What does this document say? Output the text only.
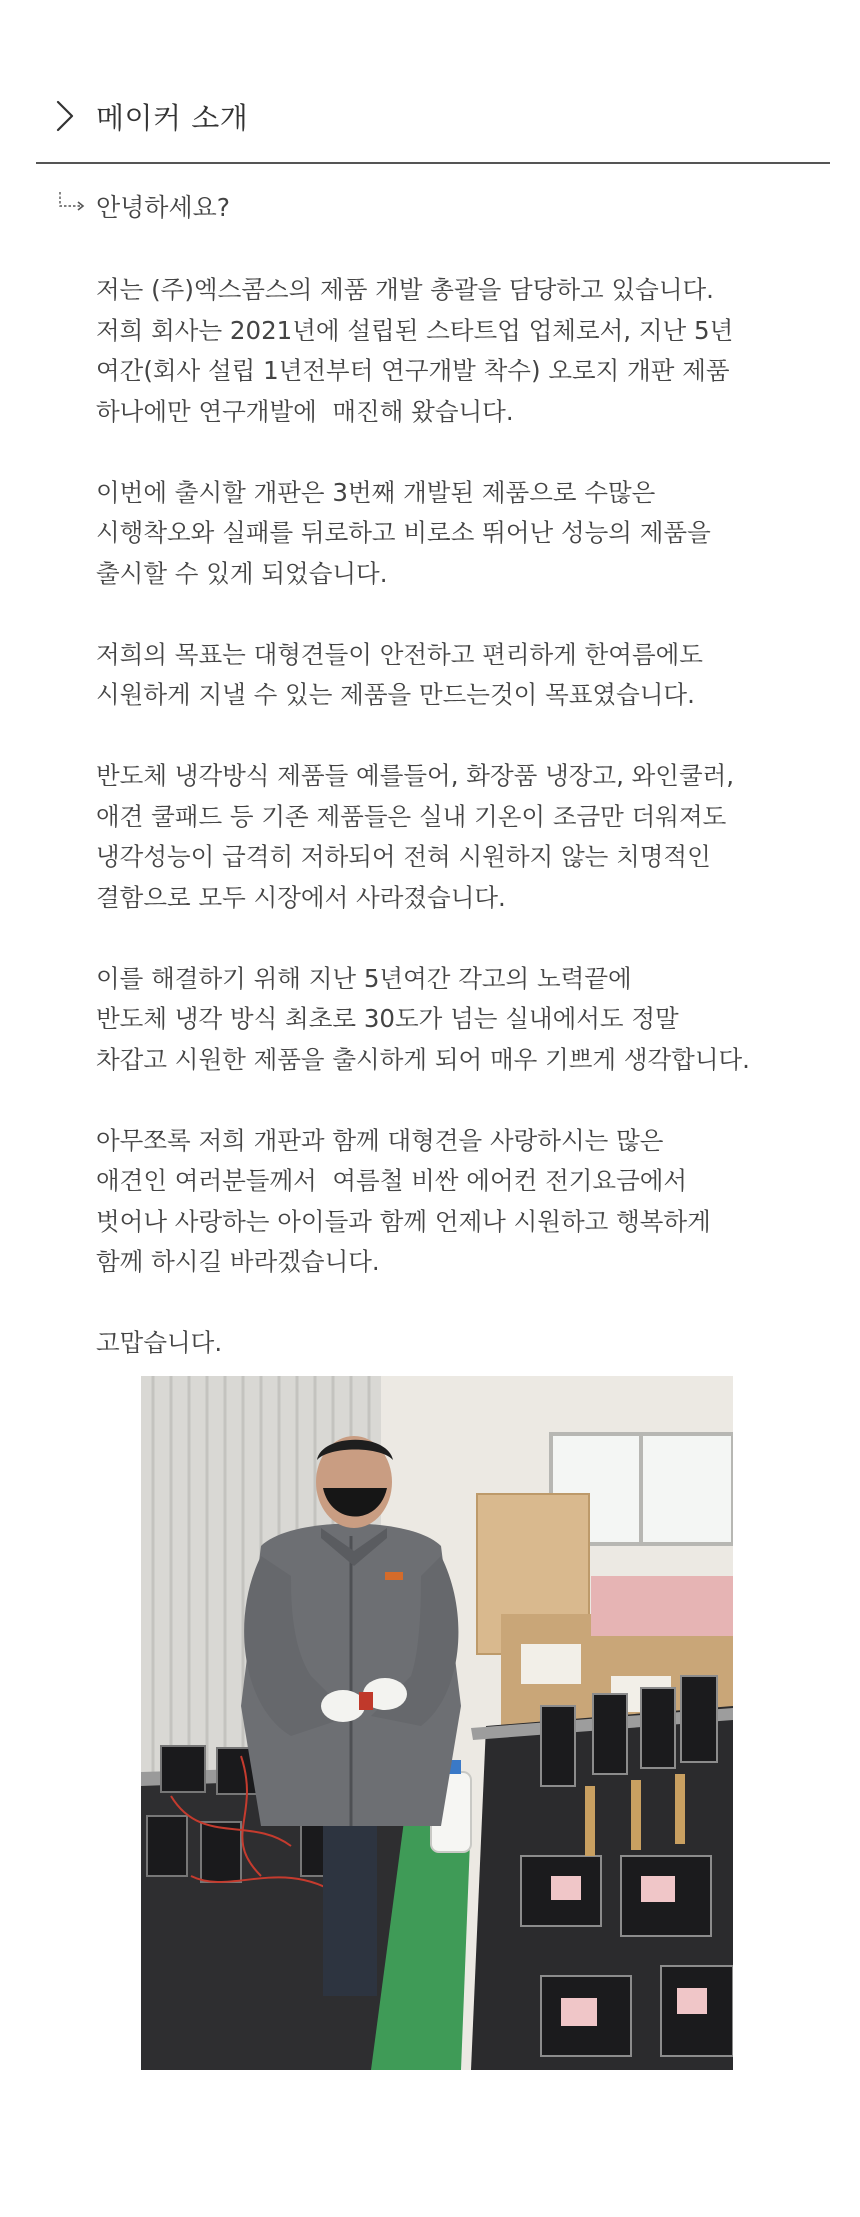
메이커 소개
안녕하세요?
저는 (주)엑스콤스의 제품 개발 총괄을 담당하고 있습니다.
저희 회사는 2021년에 설립된 스타트업 업체로서, 지난 5년
여간(회사 설립 1년전부터 연구개발 착수) 오로지 개판 제품
하나에만 연구개발에  매진해 왔습니다.
이번에 출시할 개판은 3번째 개발된 제품으로 수많은
시행착오와 실패를 뒤로하고 비로소 뛰어난 성능의 제품을
출시할 수 있게 되었습니다.
저희의 목표는 대형견들이 안전하고 편리하게 한여름에도
시원하게 지낼 수 있는 제품을 만드는것이 목표였습니다.
반도체 냉각방식 제품들 예를들어, 화장품 냉장고, 와인쿨러,
애견 쿨패드 등 기존 제품들은 실내 기온이 조금만 더워져도
냉각성능이 급격히 저하되어 전혀 시원하지 않는 치명적인
결함으로 모두 시장에서 사라졌습니다.
이를 해결하기 위해 지난 5년여간 각고의 노력끝에
반도체 냉각 방식 최초로 30도가 넘는 실내에서도 정말
차갑고 시원한 제품을 출시하게 되어 매우 기쁘게 생각합니다.
아무쪼록 저희 개판과 함께 대형견을 사랑하시는 많은
애견인 여러분들께서  여름철 비싼 에어컨 전기요금에서
벗어나 사랑하는 아이들과 함께 언제나 시원하고 행복하게
함께 하시길 바라겠습니다.
고맙습니다.
